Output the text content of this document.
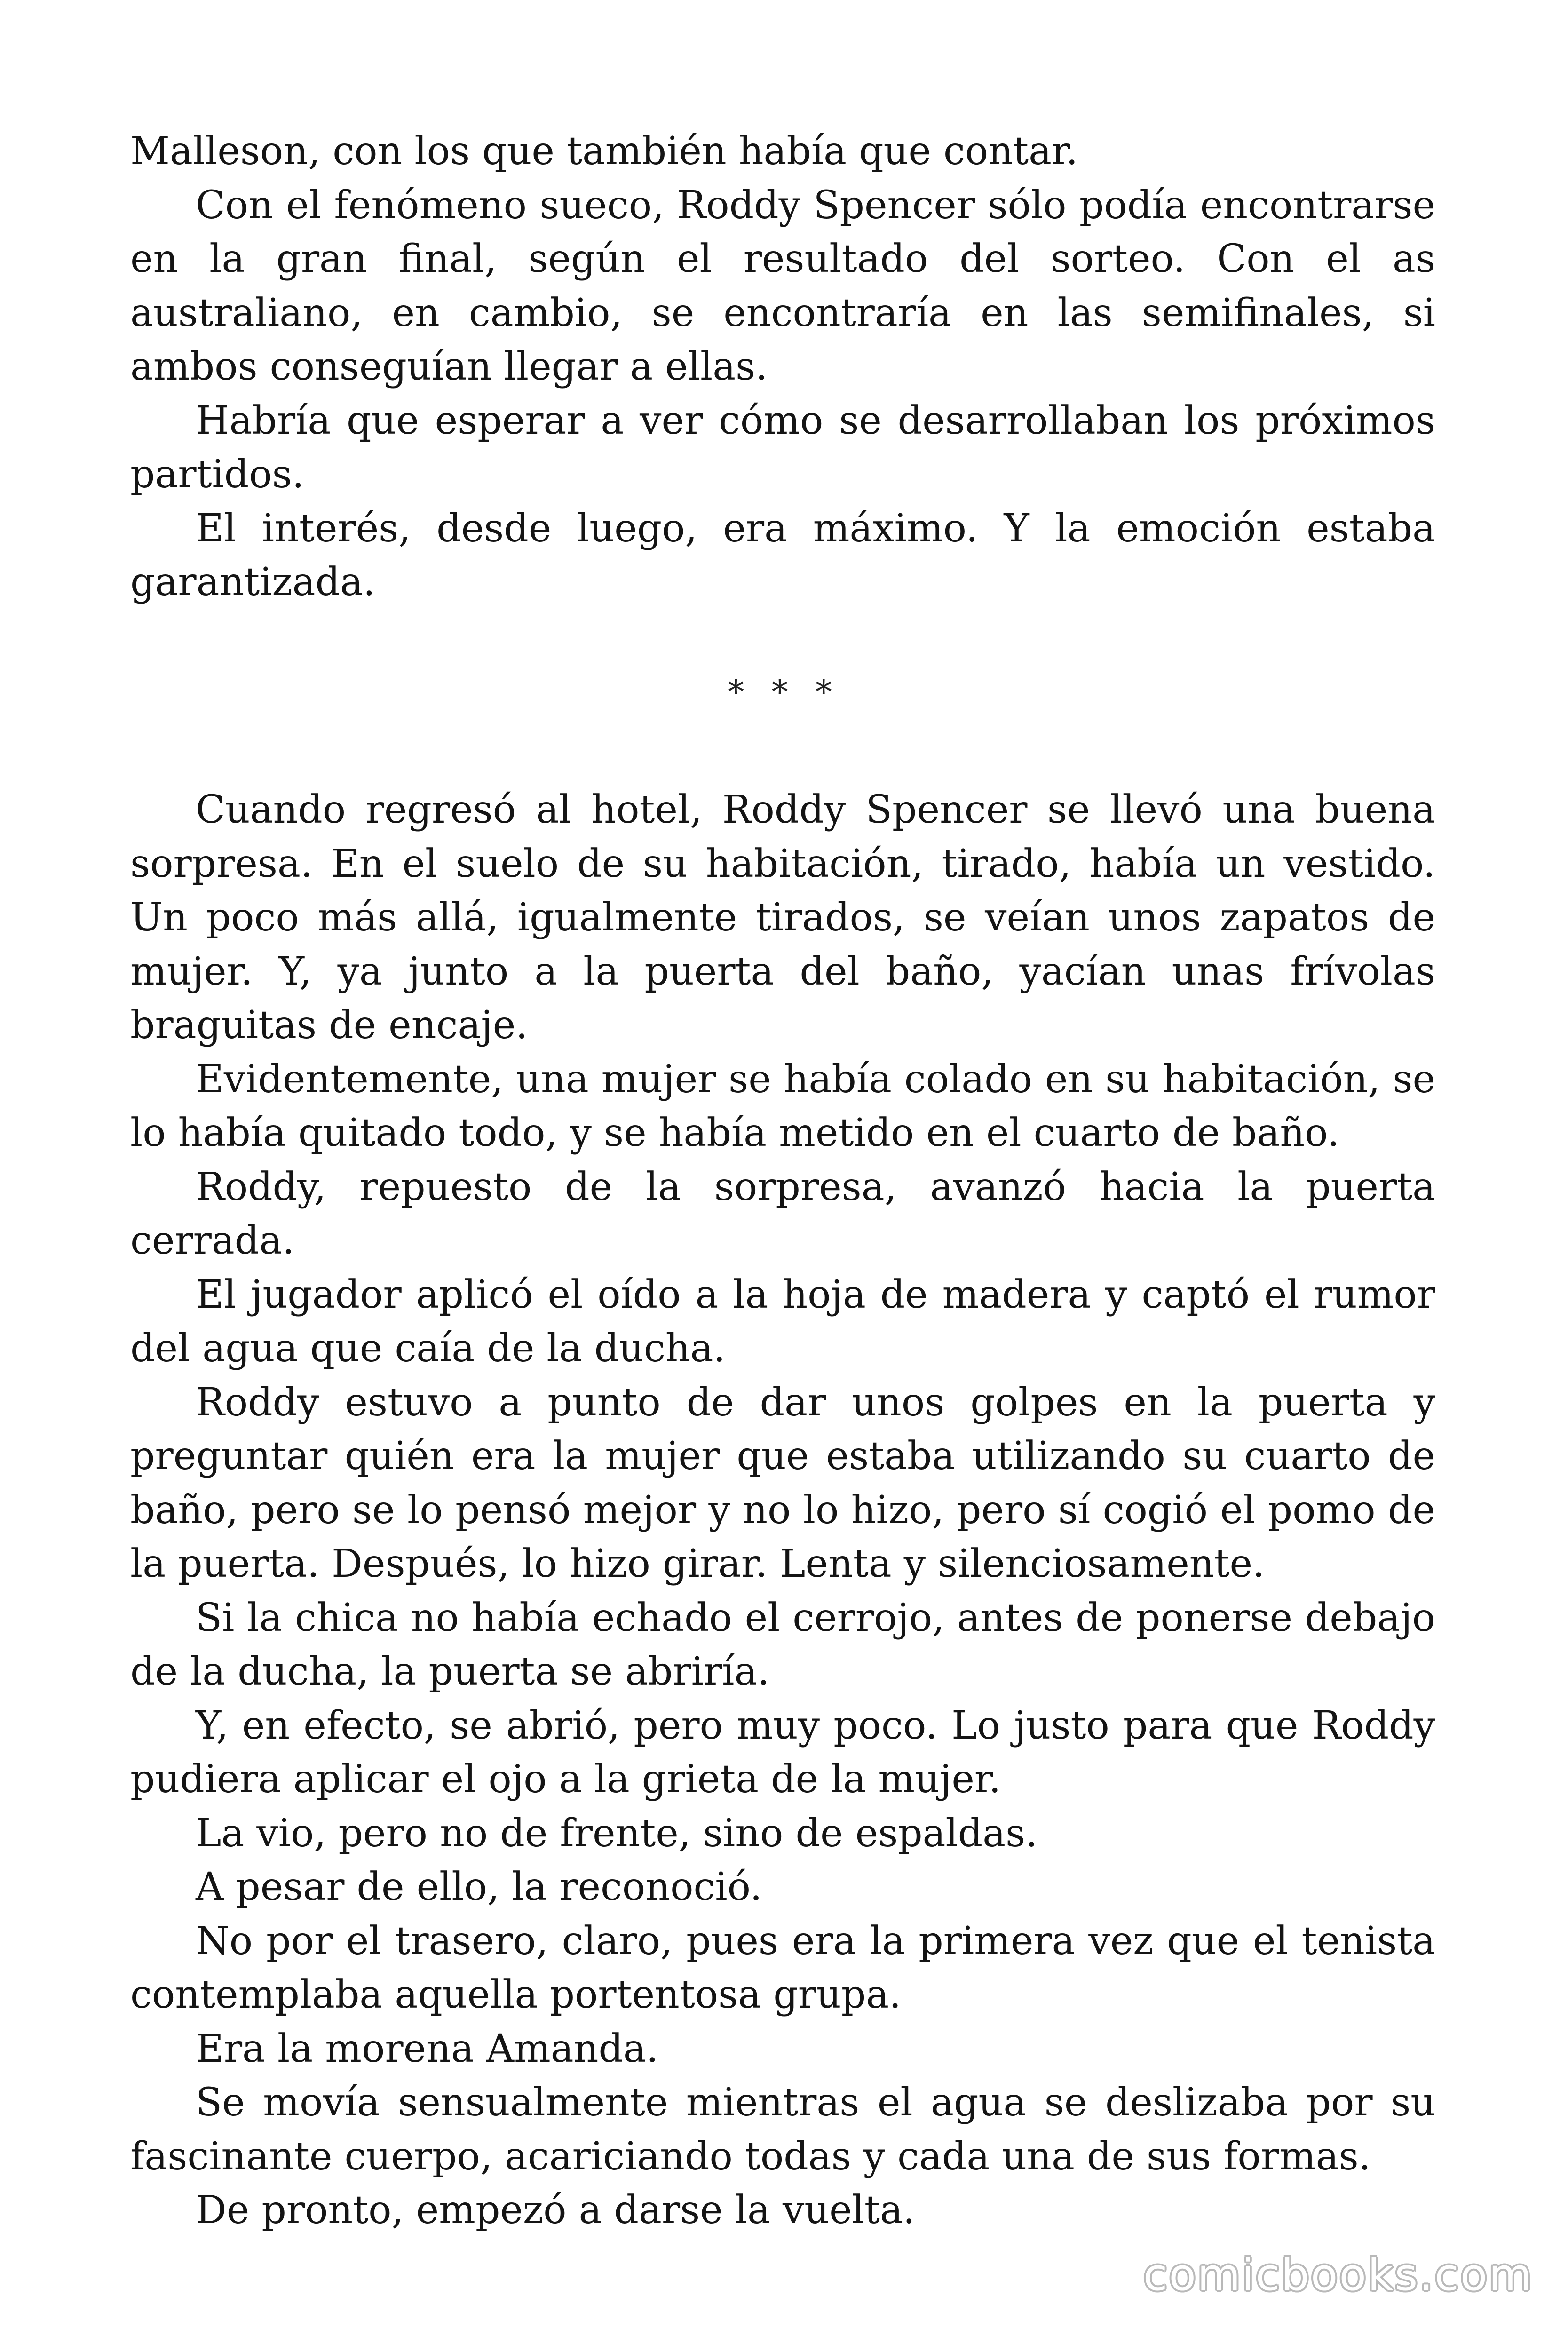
Malleson, con los que también había que contar.

Con el fenómeno sueco, Roddy Spencer sólo podía encontrarse en la gran final, según el resultado del sorteo. Con el as australiano, en cambio, se encontraría en las semifinales, si ambos conseguían llegar a ellas.

Habría que esperar a ver cómo se desarrollaban los próximos partidos.

El interés, desde luego, era máximo. Y la emoción estaba garantizada.

* * *

Cuando regresó al hotel, Roddy Spencer se llevó una buena sorpresa. En el suelo de su habitación, tirado, había un vestido. Un poco más allá, igualmente tirados, se veían unos zapatos de mujer. Y, ya junto a la puerta del baño, yacían unas frívolas braguitas de encaje.

Evidentemente, una mujer se había colado en su habitación, se lo había quitado todo, y se había metido en el cuarto de baño.

Roddy, repuesto de la sorpresa, avanzó hacia la puerta cerrada.

El jugador aplicó el oído a la hoja de madera y captó el rumor del agua que caía de la ducha.

Roddy estuvo a punto de dar unos golpes en la puerta y preguntar quién era la mujer que estaba utilizando su cuarto de baño, pero se lo pensó mejor y no lo hizo, pero sí cogió el pomo de la puerta. Después, lo hizo girar. Lenta y silenciosamente.

Si la chica no había echado el cerrojo, antes de ponerse debajo de la ducha, la puerta se abriría.

Y, en efecto, se abrió, pero muy poco. Lo justo para que Roddy pudiera aplicar el ojo a la grieta de la mujer.

La vio, pero no de frente, sino de espaldas.

A pesar de ello, la reconoció.

No por el trasero, claro, pues era la primera vez que el tenista contemplaba aquella portentosa grupa.

Era la morena Amanda.

Se movía sensualmente mientras el agua se deslizaba por su fascinante cuerpo, acariciando todas y cada una de sus formas.

De pronto, empezó a darse la vuelta.

comicbooks.com
